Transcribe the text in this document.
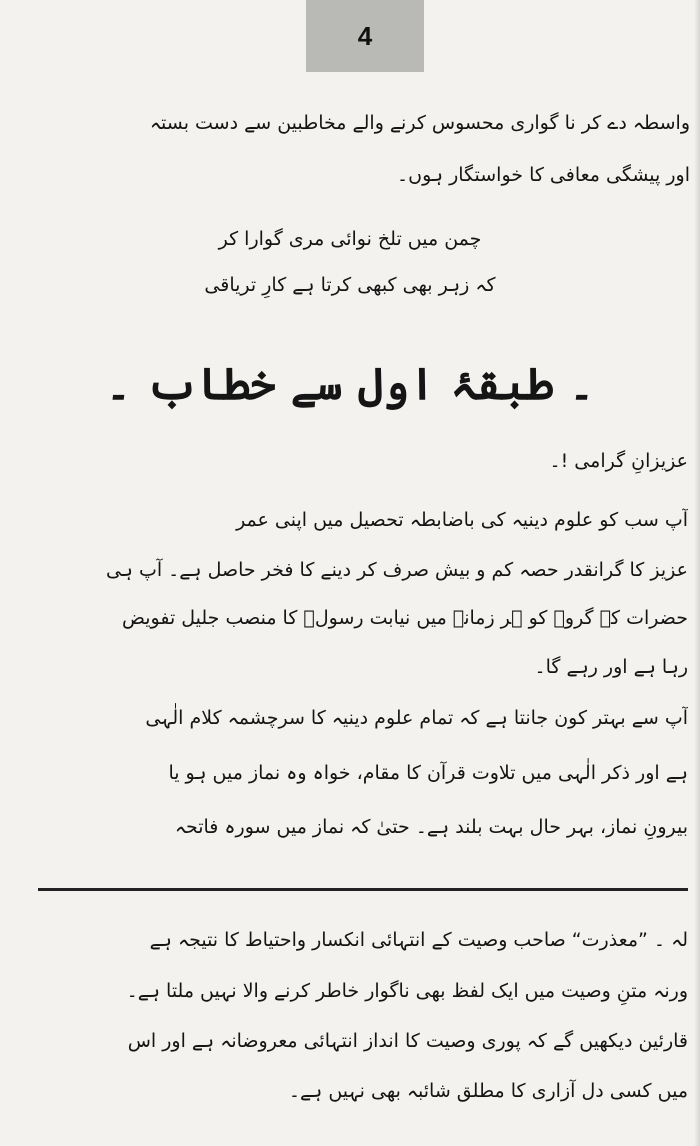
4
واسطہ دے کر نا گواری محسوس کرنے والے مخاطبین سے دست بستہ
اور پیشگی معافی کا خواستگار ہوں۔
چمن میں تلخ نوائی مری گوارا کر
کہ زہر بھی کبھی کرتا ہے کارِ تریاقی
۔ طبقۂ اول سے خطاب ۔
عزیزانِ گرامی !۔
آپ سب کو علوم دینیہ کی باضابطہ تحصیل میں اپنی عمر
عزیز کا گرانقدر حصہ کم و بیش صرف کر دینے کا فخر حاصل ہے۔ آپ ہی
حضرات کے گروہ کو ہر زمانہ میں نیابت رسولؐ کا منصب جلیل تفویض
رہا ہے اور رہے گا۔
آپ سے بہتر کون جانتا ہے کہ تمام علوم دینیہ کا سرچشمہ کلام الٰہی
ہے اور ذکر الٰہی میں تلاوت قرآن کا مقام، خواہ وہ نماز میں ہو یا
بیرونِ نماز، بہر حال بہت بلند ہے۔ حتیٰ کہ نماز میں سورہ فاتحہ
لہ ۔ ”معذرت“ صاحب وصیت کے انتہائی انکسار واحتیاط کا نتیجہ ہے
ورنہ متنِ وصیت میں ایک لفظ بھی ناگوار خاطر کرنے والا نہیں ملتا ہے۔
قارئین دیکھیں گے کہ پوری وصیت کا انداز انتہائی معروضانہ ہے اور اس
میں کسی دل آزاری کا مطلق شائبہ بھی نہیں ہے۔
